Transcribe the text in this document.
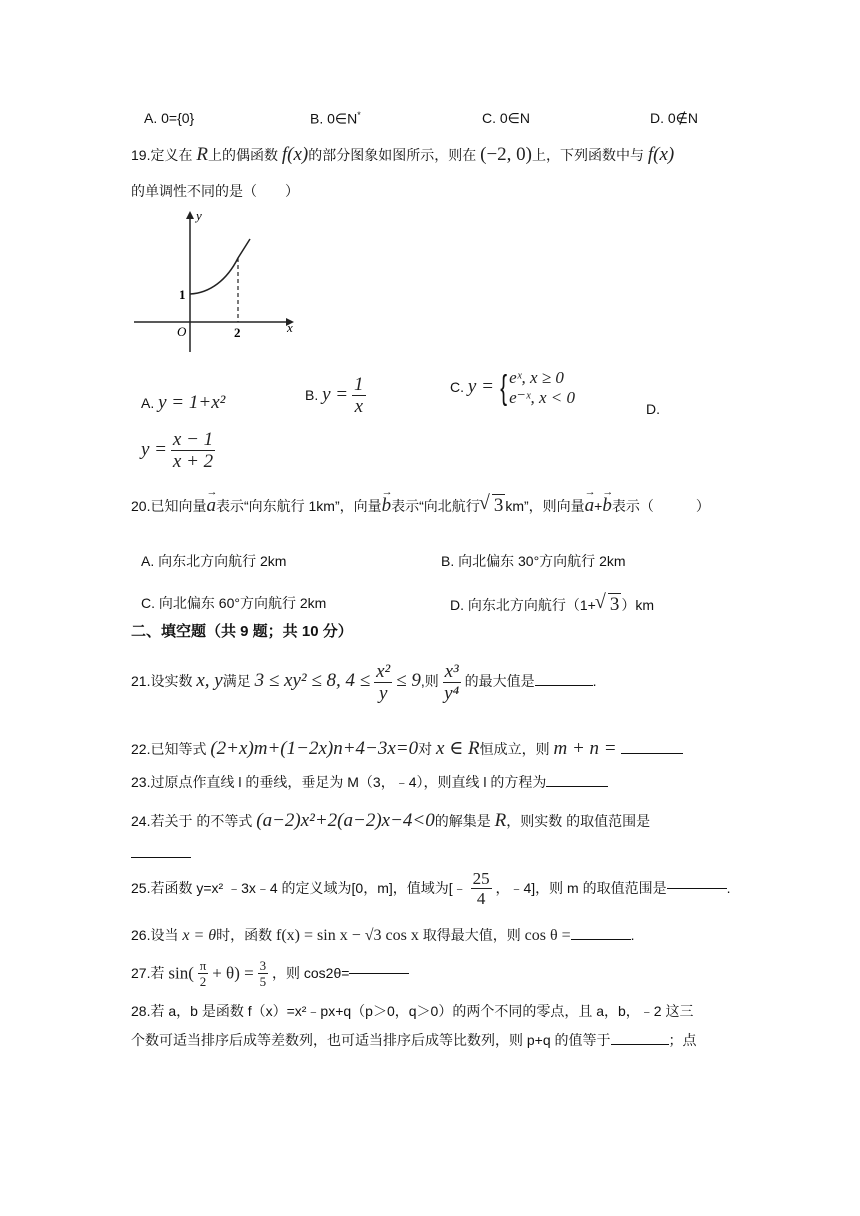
A. 0={0}	B. 0∈N*	C. 0∈N	D. 0∉N
19.定义在 R上的偶函数 f(x)的部分图象如图所示，则在 (−2, 0)上，下列函数中与 f(x)
的单调性不同的是（　　）
y
x
O
1
2
A. y = 1+x²	B. $y = \frac{1}{x}$	C. y = { eˣ, x ≥ 0
e⁻ˣ, x < 0
D.
$y = \frac{x - 1}{x + 2}$
20.已知向量→ a表示“向东航行 1km”，向量→ b表示“向北航行 √ 3 km”，则向量→ a+→ b表示（　　　）
A. 向东北方向航行 2km	B. 向北偏东 30°方向航行 2km
C. 向北偏东 60°方向航行 2km	D. 向东北方向航行（1+ √ 3 ）km
二、填空题（共 9 题；共 10 分）
21.设实数 x, y满足 3 ≤ xy² ≤ 8, $4 \le \frac{\text{x²}}{y} \le 9$,则 $\frac{\text{x³}}{\text{y⁴}}$ 的最大值是	.
22.已知等式 (2+x)m+(1−2x)n+4−3x=0对 x ∈ R恒成立，则 m + n =
23.过原点作直线 l 的垂线，垂足为 M（3，﹣4），则直线 l 的方程为
24.若关于 的不等式 (a−2)x²+2(a−2)x−4<0的解集是 R，则实数 的取值范围是
25.若函数 y=x² ﹣3x﹣4 的定义域为[0，m]，值域为[﹣ $\frac{25}{4}$ ，﹣4]，则 m 的取值范围是	.
26.设当 x = θ时，函数 f(x) = sin x − √3 cos x 取得最大值，则 cos θ =	.
27.若 $\sin( \frac{\pi}{2} + \theta) = \frac{3}{5}$ ，则 cos2θ=
28.若 a，b 是函数 f（x）=x²﹣px+q（p＞0，q＞0）的两个不同的零点，且 a，b，﹣2 这三
个数可适当排序后成等差数列，也可适当排序后成等比数列，则 p+q 的值等于	；点
